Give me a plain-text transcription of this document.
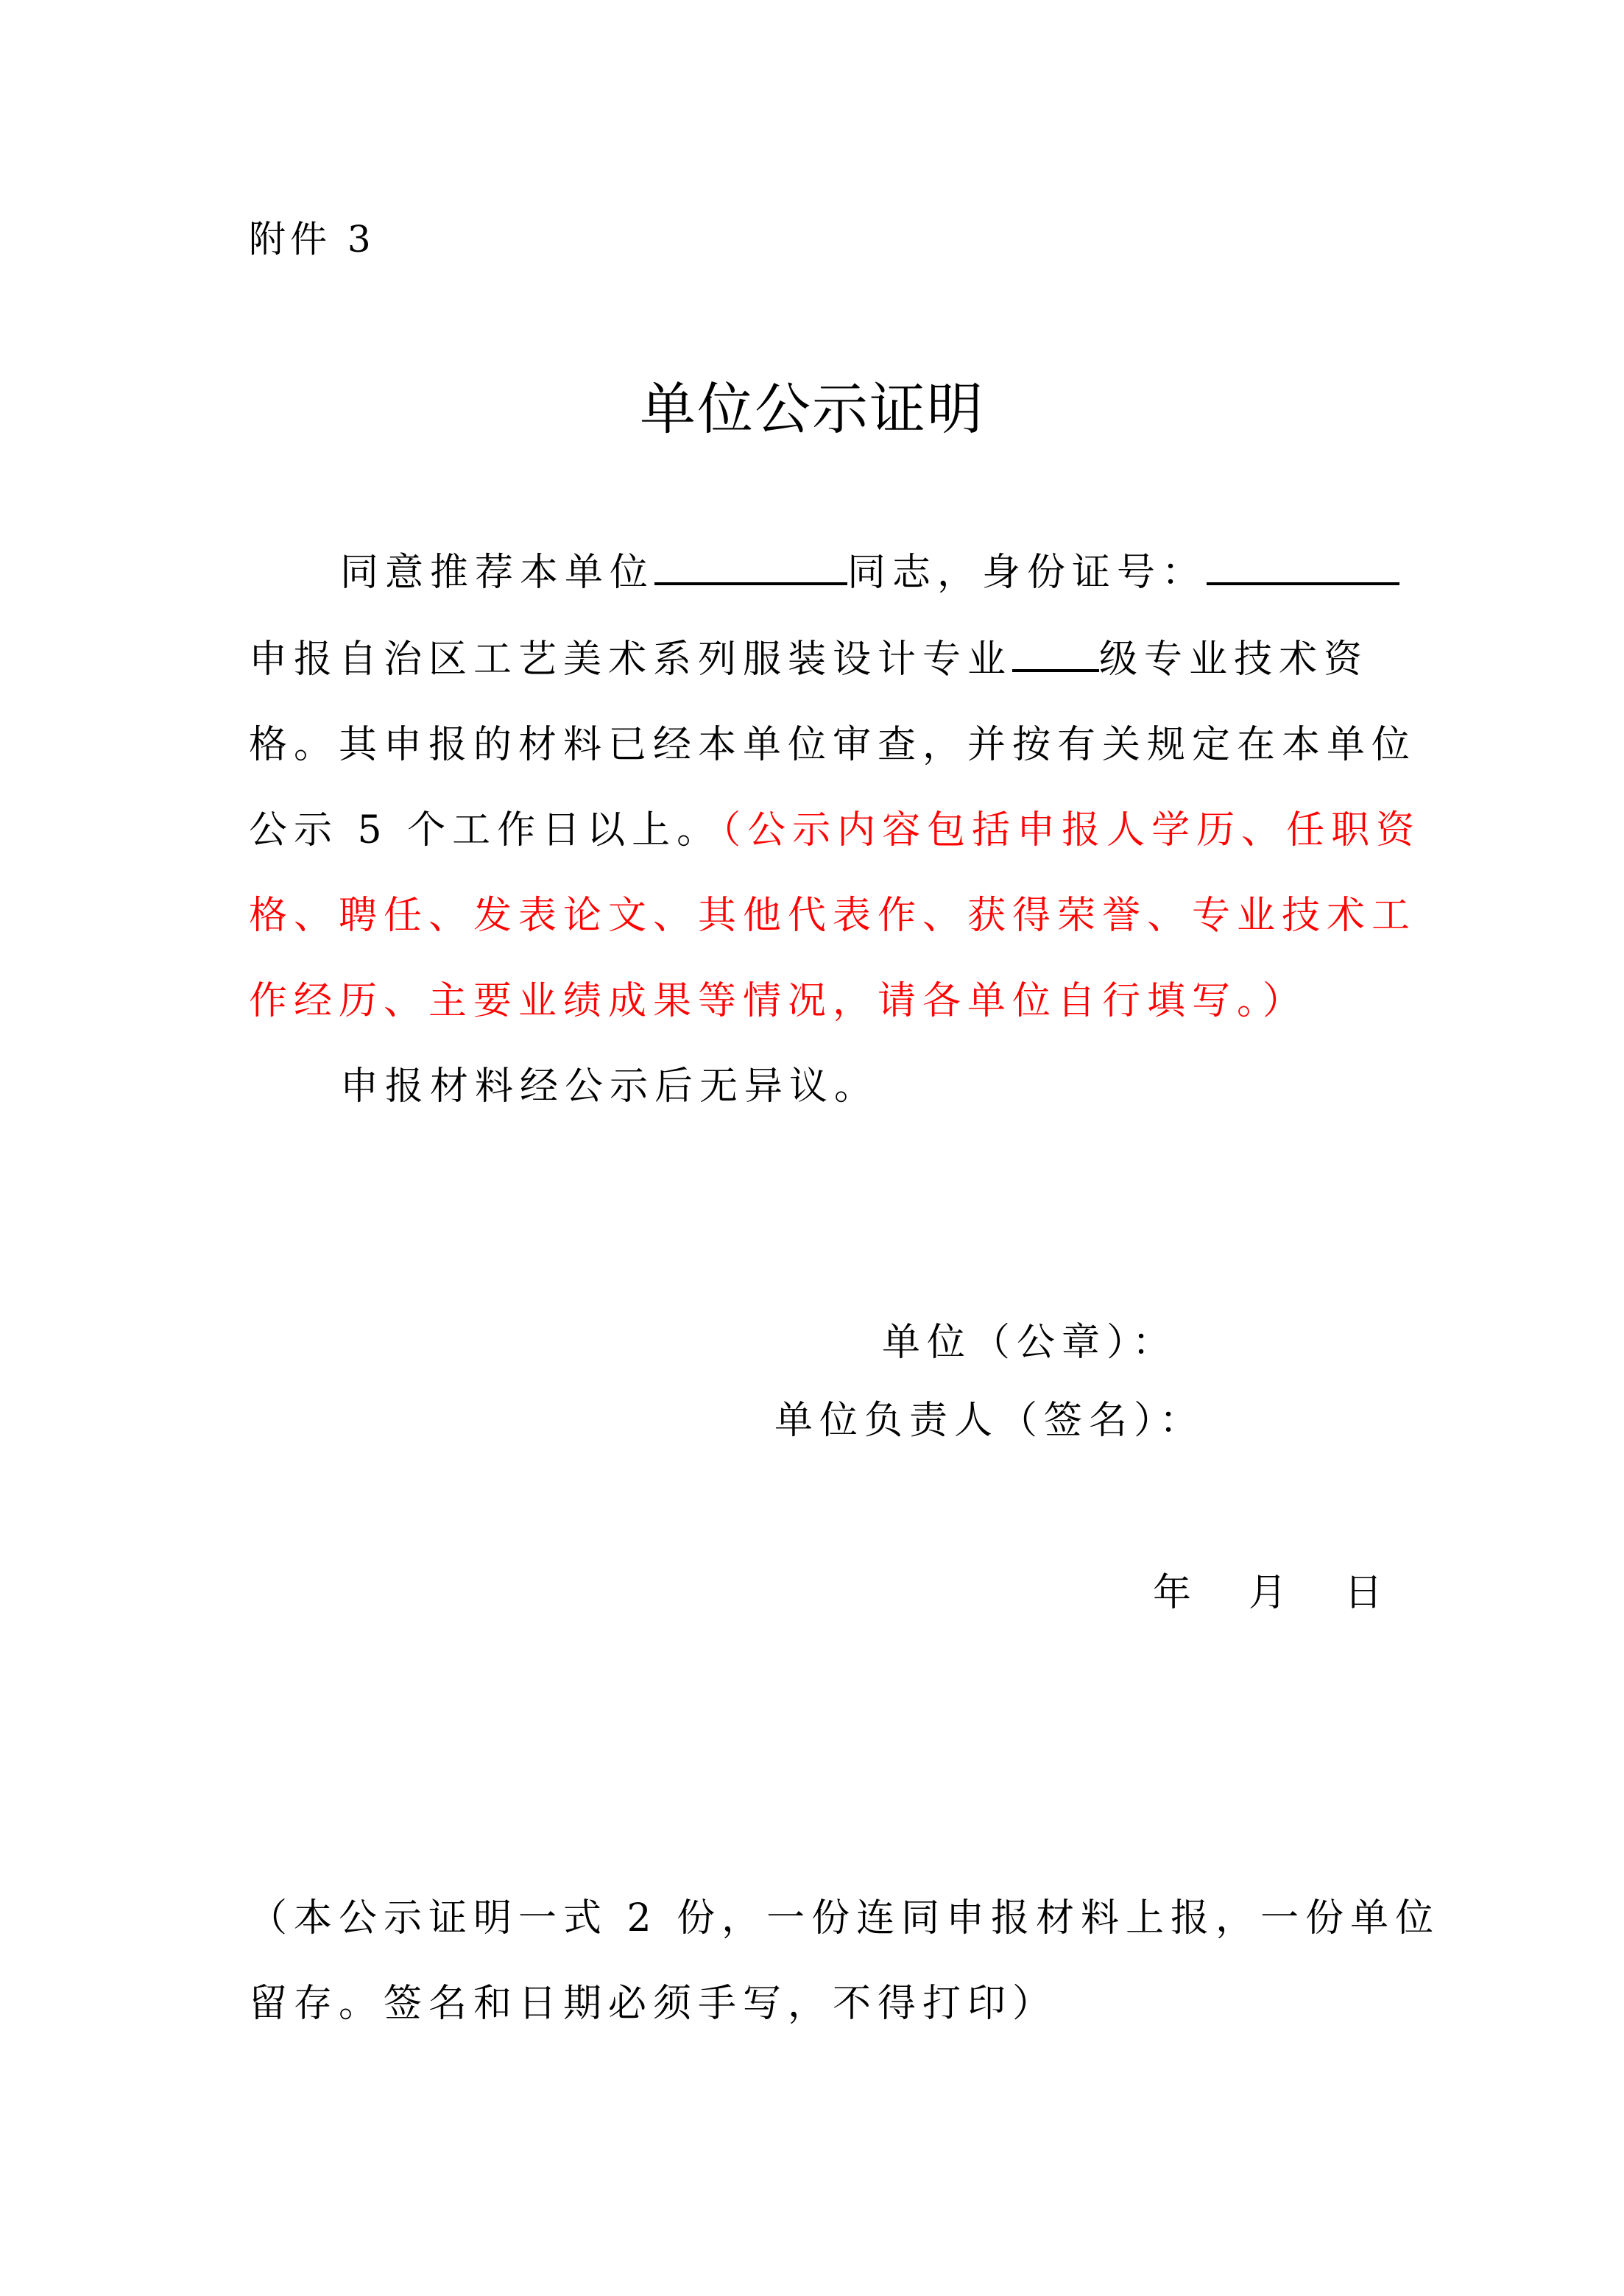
附件 3
单位公示证明
同意推荐本单位	同志，身份证号：
申报自治区工艺美术系列服装设计专业 级专业技术资
格。其申报的材料已经本单位审查，并按有关规定在本单位
公示 5 个工作日以上。（公示内容包括申报人学历、任职资
格、聘任、发表论文、其他代表作、获得荣誉、专业技术工
作经历、主要业绩成果等情况，请各单位自行填写。）
申报材料经公示后无异议。
单位（公章）：
单位负责人（签名）：
年 月 日
（本公示证明一式 2 份，一份连同申报材料上报，一份单位
留存。签名和日期必须手写，不得打印）
